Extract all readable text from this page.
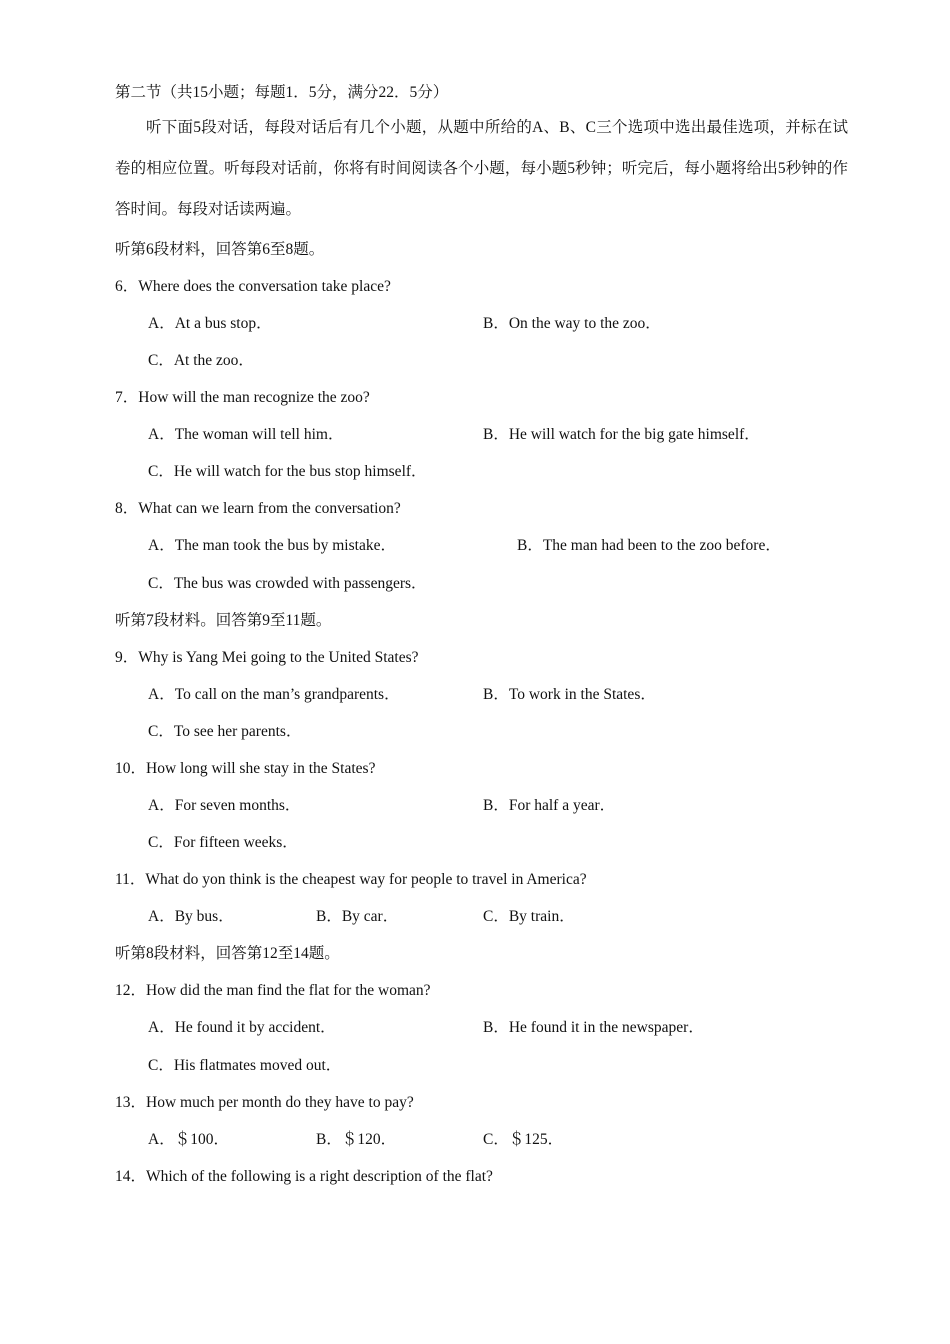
第二节（共15小题；每题1．5分，满分22．5分）
听下面5段对话，每段对话后有几个小题，从题中所给的A、B、C三个选项中选出最佳选项，并标在试卷的相应位置。听每段对话前，你将有时间阅读各个小题，每小题5秒钟；听完后，每小题将给出5秒钟的作答时间。每段对话读两遍。
听第6段材料，回答第6至8题。
6．Where does the conversation take place?
A．At a bus stop．	B．On the way to the zoo．
C．At the zoo．
7．How will the man recognize the zoo?
A．The woman will tell him．	B．He will watch for the big gate himself．
C．He will watch for the bus stop himself．
8．What can we learn from the conversation?
A．The man took the bus by mistake．	B．The man had been to the zoo before．
C．The bus was crowded with passengers．
听第7段材料。回答第9至11题。
9．Why is Yang Mei going to the United States?
A．To call on the man’s grandparents．	B．To work in the States．
C．To see her parents．
10．How long will she stay in the States?
A．For seven months．	B．For half a year．
C．For fifteen weeks．
11．What do yon think is the cheapest way for people to travel in America?
A．By bus．	B．By car．	C．By train．
听第8段材料，回答第12至14题。
12．How did the man find the flat for the woman?
A．He found it by accident．	B．He found it in the newspaper．
C．His flatmates moved out．
13．How much per month do they have to pay?
A．＄100．	B．＄120．	C．＄125．
14．Which of the following is a right description of the flat?
